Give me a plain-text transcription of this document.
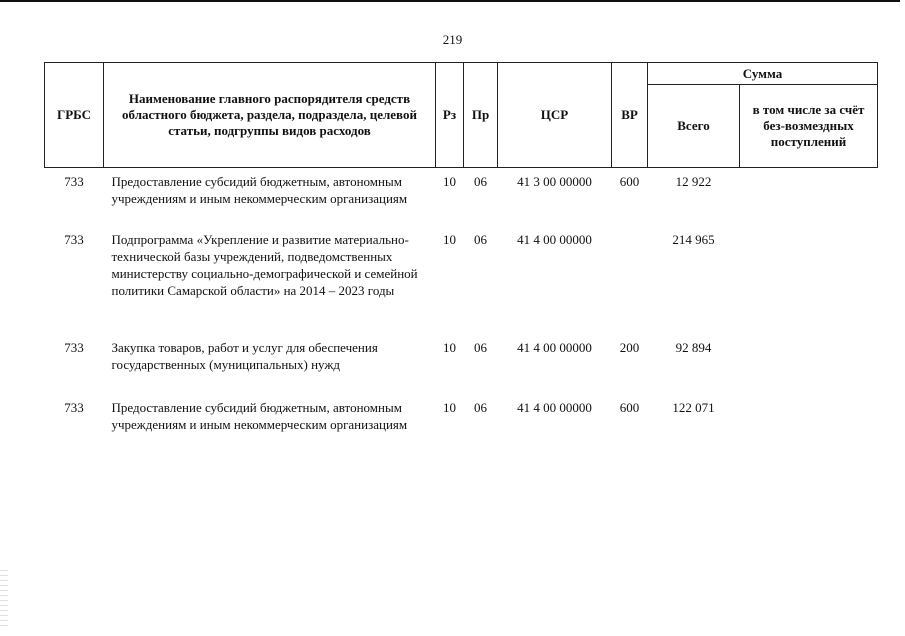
219
ГРБС	Наименование главного распорядителя средств областного бюджета, раздела, подраздела, целевой статьи, подгруппы видов расходов	Рз	Пр	ЦСР	ВР	Сумма	
						Всего	в том числе за счёт без-возмездных поступлений
733	Предоставление субсидий бюджетным, автономным учреждениям и иным некоммерческим организациям	10	06	41 3 00 00000	600	12 922	
733	Подпрограмма «Укрепление и развитие материально-технической базы учреждений, подведомственных министерству социально-демографической и семейной политики Самарской области» на 2014 – 2023 годы	10	06	41 4 00 00000		214 965	
733	Закупка товаров, работ и услуг для обеспечения государственных (муниципальных) нужд	10	06	41 4 00 00000	200	92 894	
733	Предоставление субсидий бюджетным, автономным учреждениям и иным некоммерческим организациям	10	06	41 4 00 00000	600	122 071	
